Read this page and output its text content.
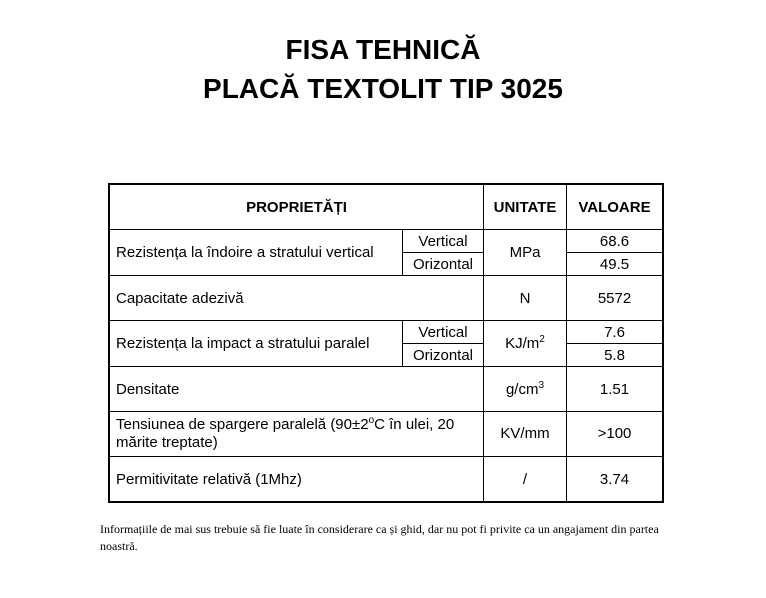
FISA TEHNICĂ
PLACĂ TEXTOLIT TIP 3025
PROPRIETĂȚI		UNITATE	VALOARE
Rezistența la îndoire a stratului vertical	Vertical	MPa	68.6
	Orizontal		49.5
Capacitate adezivă		N	5572
Rezistența la impact a stratului paralel	Vertical	$KJ/m^2$	7.6
	Orizontal		5.8
Densitate		$g/cm^3$	1.51
Tensiunea de spargere paralelă ($90\pm 2^oC$ în ulei, 20 mărite treptate)		KV/mm	>100
Permitivitate relativă (1Mhz)		/	3.74
Informațiile de mai sus trebuie să fie luate în considerare ca și ghid, dar nu pot fi privite ca un angajament din partea noastră.
